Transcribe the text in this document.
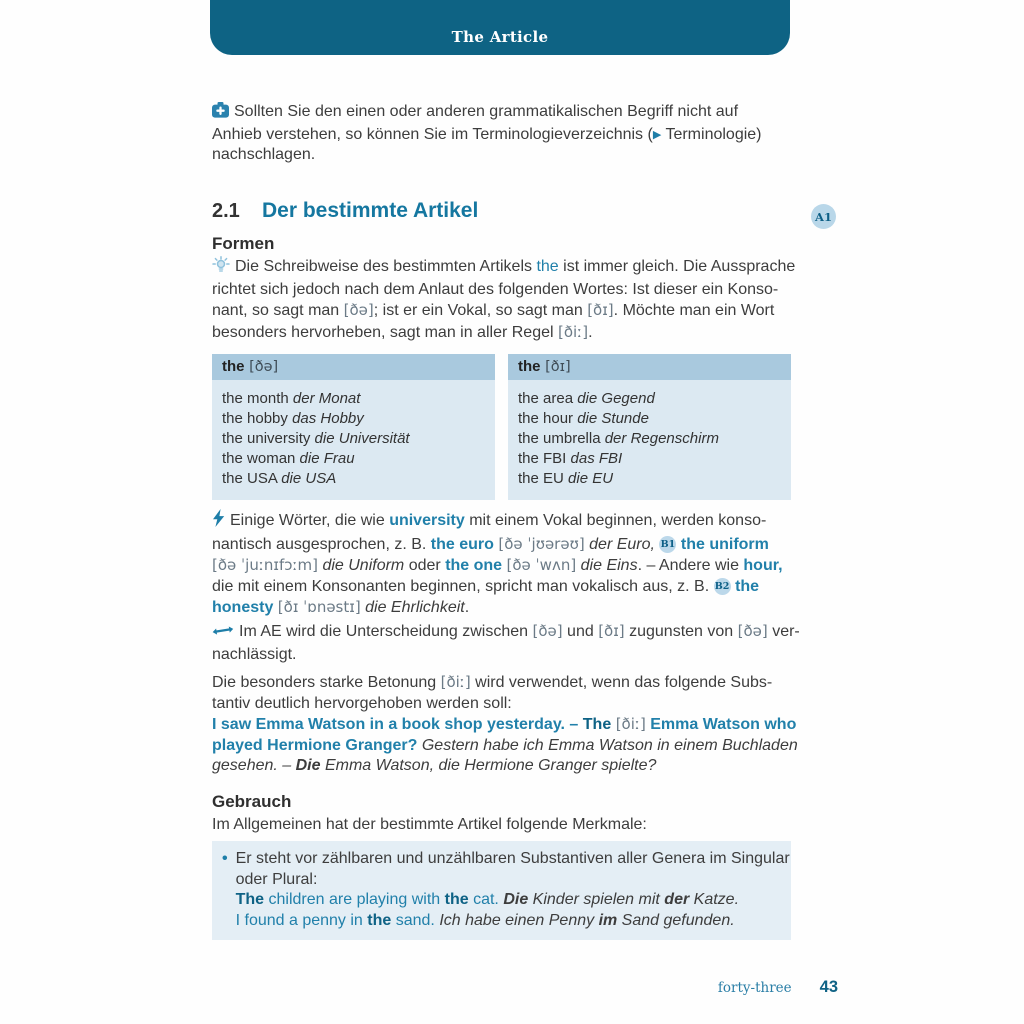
The Article
Sollten Sie den einen oder anderen grammatikalischen Begriff nicht auf
Anhieb verstehen, so können Sie im Terminologieverzeichnis (▶ Terminologie)
nachschlagen.
2.1 Der bestimmte Artikel	A1
Formen
Die Schreibweise des bestimmten Artikels the ist immer gleich. Die Aussprache
richtet sich jedoch nach dem Anlaut des folgenden Wortes: Ist dieser ein Konso-
nant, so sagt man [ðə]; ist er ein Vokal, so sagt man [ðɪ]. Möchte man ein Wort
besonders hervorheben, sagt man in aller Regel [ðiː].
the [ðə]
the month der Monat
the hobby das Hobby
the university die Universität
the woman die Frau
the USA die USA
the [ðɪ]
the area die Gegend
the hour die Stunde
the umbrella der Regenschirm
the FBI das FBI
the EU die EU
Einige Wörter, die wie university mit einem Vokal beginnen, werden konso-
nantisch ausgesprochen, z. B. the euro [ðə ˈjʊərəʊ] der Euro, B1 the uniform
[ðə ˈjuːnɪfɔːm] die Uniform oder the one [ðə ˈwʌn] die Eins. – Andere wie hour,
die mit einem Konsonanten beginnen, spricht man vokalisch aus, z. B. B2 the
honesty [ðɪ ˈɒnəstɪ] die Ehrlichkeit.
Im AE wird die Unterscheidung zwischen [ðə] und [ðɪ] zugunsten von [ðə] ver-
nachlässigt.
Die besonders starke Betonung [ðiː] wird verwendet, wenn das folgende Subs-
tantiv deutlich hervorgehoben werden soll:
I saw Emma Watson in a book shop yesterday. – The [ðiː] Emma Watson who
played Hermione Granger? Gestern habe ich Emma Watson in einem Buchladen
gesehen. – Die Emma Watson, die Hermione Granger spielte?
Gebrauch
Im Allgemeinen hat der bestimmte Artikel folgende Merkmale:
• Er steht vor zählbaren und unzählbaren Substantiven aller Genera im Singular
oder Plural:
The children are playing with the cat. Die Kinder spielen mit der Katze.
I found a penny in the sand. Ich habe einen Penny im Sand gefunden.
forty-three 43
